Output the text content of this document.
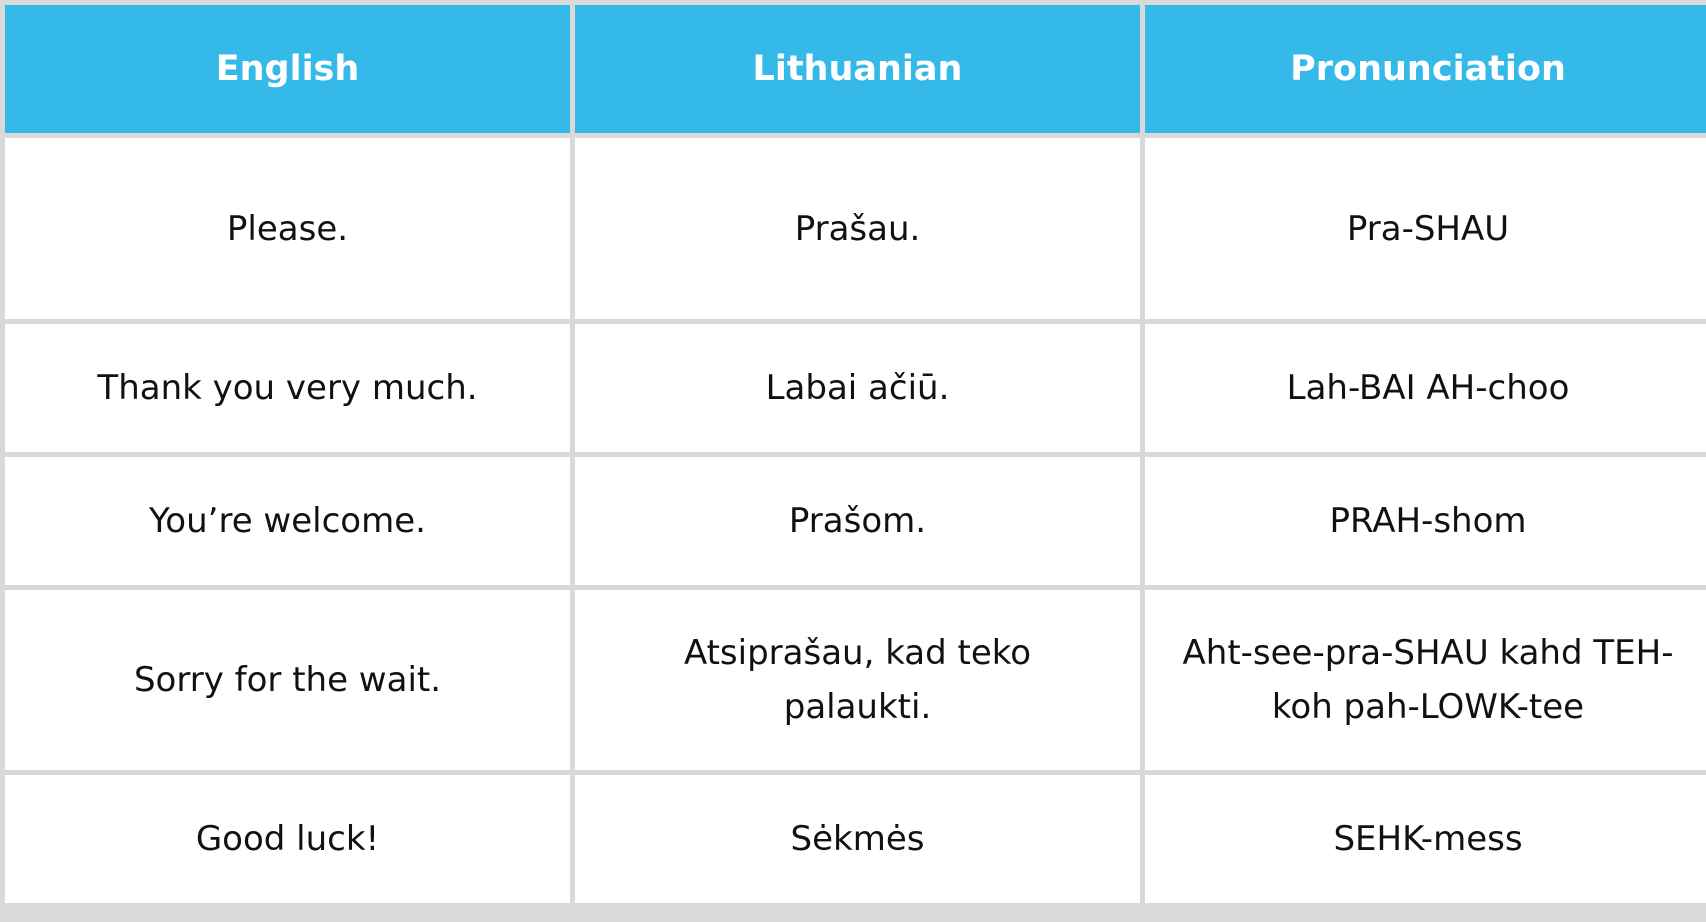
English	Lithuanian	Pronunciation
Please.	Prašau.	Pra-SHAU
Thank you very much.	Labai ačiū.	Lah-BAI AH-choo
You’re welcome.	Prašom.	PRAH-shom
Sorry for the wait.	Atsiprašau, kad teko palaukti.	Aht-see-pra-SHAU kahd TEH-koh pah-LOWK-tee
Good luck!	Sėkmės	SEHK-mess
